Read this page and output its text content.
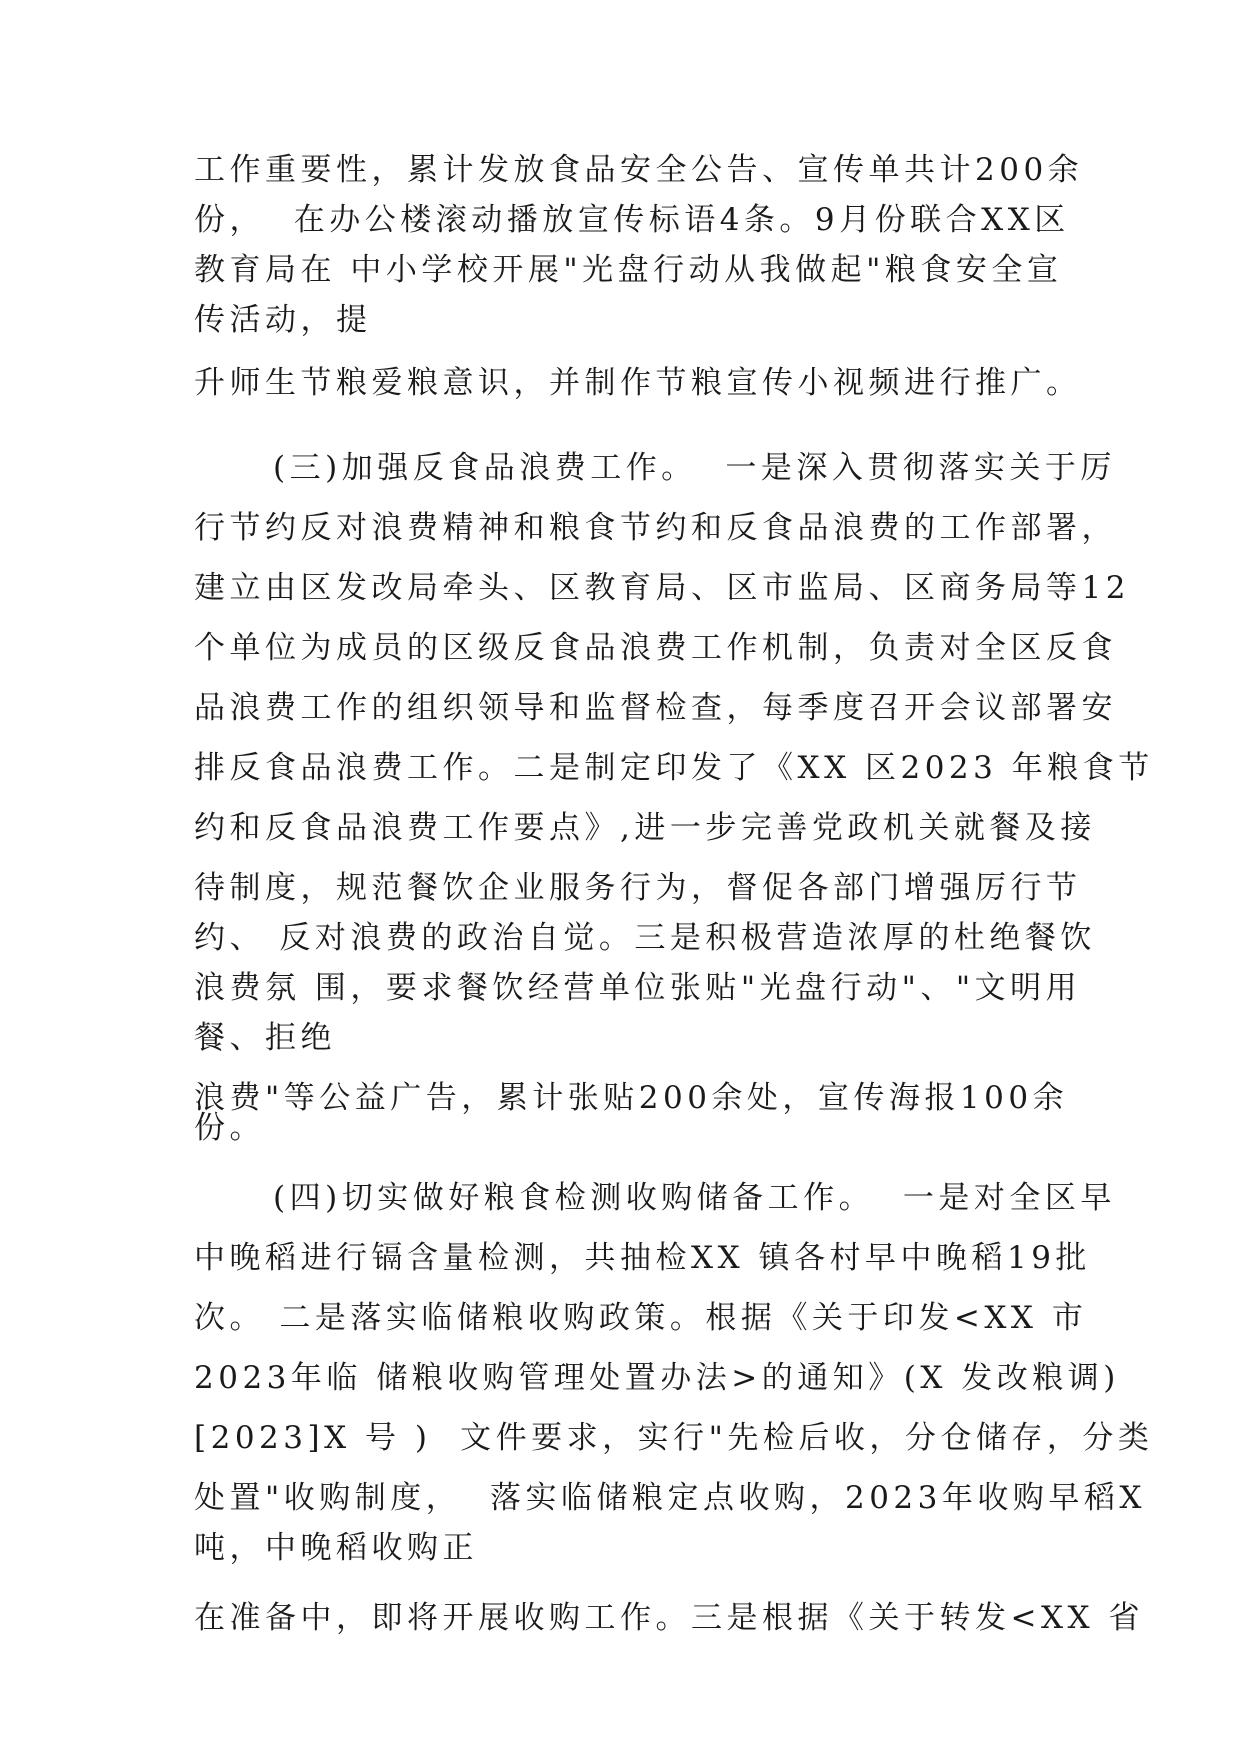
工作重要性，累计发放食品安全公告、宣传单共计200余

份，  在办公楼滚动播放宣传标语4条。9月份联合XX区

教育局在 中小学校开展"光盘行动从我做起"粮食安全宣

传活动，提

升师生节粮爱粮意识，并制作节粮宣传小视频进行推广。

(三)加强反食品浪费工作。  一是深入贯彻落实关于厉

行节约反对浪费精神和粮食节约和反食品浪费的工作部署，

建立由区发改局牵头、区教育局、区市监局、区商务局等12

个单位为成员的区级反食品浪费工作机制，负责对全区反食

品浪费工作的组织领导和监督检查，每季度召开会议部署安

排反食品浪费工作。二是制定印发了《XX 区2023 年粮食节

约和反食品浪费工作要点》,进一步完善党政机关就餐及接

待制度，规范餐饮企业服务行为，督促各部门增强厉行节

约、 反对浪费的政治自觉。三是积极营造浓厚的杜绝餐饮

浪费氛 围，要求餐饮经营单位张贴"光盘行动"、"文明用

餐、拒绝

浪费"等公益广告，累计张贴200余处，宣传海报100余

份。

(四)切实做好粮食检测收购储备工作。  一是对全区早

中晚稻进行镉含量检测，共抽检XX 镇各村早中晚稻19批

次。 二是落实临储粮收购政策。根据《关于印发<XX 市

2023年临 储粮收购管理处置办法>的通知》(X 发改粮调)

[2023]X 号 )  文件要求，实行"先检后收，分仓储存，分类

处置"收购制度，  落实临储粮定点收购，2023年收购早稻X

吨，中晚稻收购正

在准备中，即将开展收购工作。三是根据《关于转发<XX 省
